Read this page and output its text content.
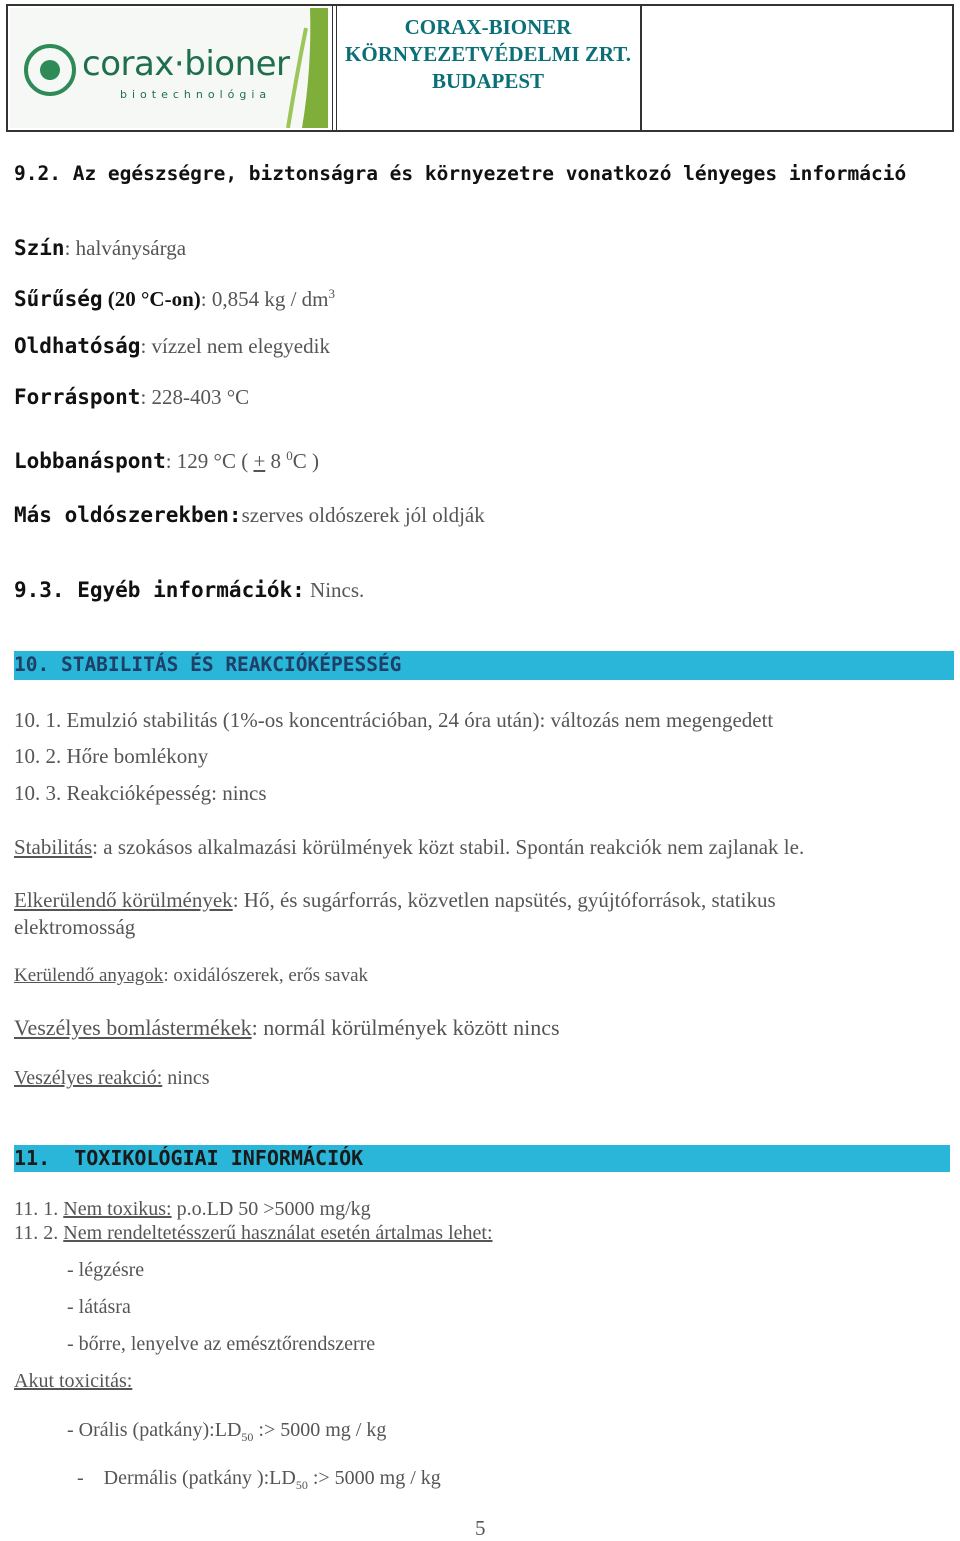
corax·bioner
biotechnológia
CORAX-BIONER
KÖRNYEZETVÉDELMI ZRT.
BUDAPEST
9.2. Az egészségre, biztonságra és környezetre vonatkozó lényeges információ
Szín: halványsárga
Sűrűség (20 °C-on): 0,854 kg / $dm^3$
Oldhatóság: vízzel nem elegyedik
Forráspont: 228-403 °C
Lobbanáspont: 129 °C ( + 8 $^0$C )
Más oldószerekben:szerves oldószerek jól oldják
9.3. Egyéb információk: Nincs.
10. STABILITÁS ÉS REAKCIÓKÉPESSÉG
10. 1. Emulzió stabilitás (1%-os koncentrációban, 24 óra után): változás nem megengedett
10. 2. Hőre bomlékony
10. 3. Reakcióképesség: nincs
Stabilitás: a szokásos alkalmazási körülmények közt stabil. Spontán reakciók nem zajlanak le.
Elkerülendő körülmények: Hő, és sugárforrás, közvetlen napsütés, gyújtóforrások, statikus
elektromosság
Kerülendő anyagok: oxidálószerek, erős savak
Veszélyes bomlástermékek: normál körülmények között nincs
Veszélyes reakció: nincs
11.  TOXIKOLÓGIAI INFORMÁCIÓK
11. 1. Nem toxikus: p.o.LD 50 >5000 mg/kg
11. 2. Nem rendeltetésszerű használat esetén ártalmas lehet:
- légzésre
- látásra
- bőrre, lenyelve az emésztőrendszerre
Akut toxicitás:
- Orális $(patkány):LD_{50}$ :> 5000 mg / kg

-    Dermális (patkány )$:LD_{50}$ :> 5000 mg / kg

5
